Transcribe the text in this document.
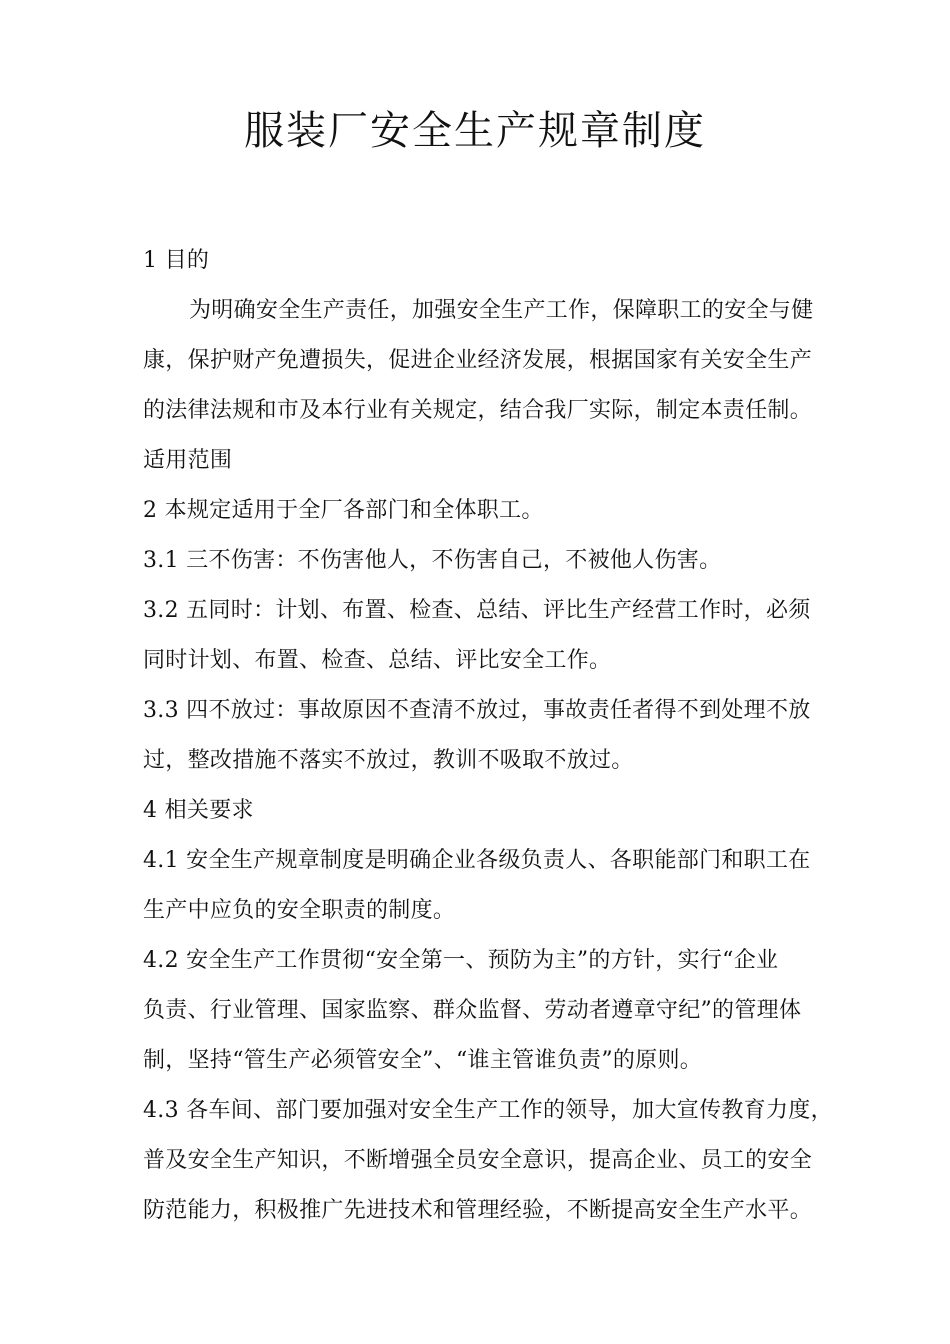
服装厂安全生产规章制度
1 目的
为明确安全生产责任，加强安全生产工作，保障职工的安全与健
康，保护财产免遭损失，促进企业经济发展，根据国家有关安全生产
的法律法规和市及本行业有关规定，结合我厂实际，制定本责任制。
适用范围
2 本规定适用于全厂各部门和全体职工。
3.1 三不伤害：不伤害他人，不伤害自己，不被他人伤害。
3.2 五同时：计划、布置、检查、总结、评比生产经营工作时，必须
同时计划、布置、检查、总结、评比安全工作。
3.3 四不放过：事故原因不查清不放过，事故责任者得不到处理不放
过，整改措施不落实不放过，教训不吸取不放过。
4 相关要求
4.1 安全生产规章制度是明确企业各级负责人、各职能部门和职工在
生产中应负的安全职责的制度。
4.2 安全生产工作贯彻“安全第一、预防为主”的方针，实行“企业
负责、行业管理、国家监察、群众监督、劳动者遵章守纪”的管理体
制，坚持“管生产必须管安全”、“谁主管谁负责”的原则。
4.3 各车间、部门要加强对安全生产工作的领导，加大宣传教育力度，
普及安全生产知识，不断增强全员安全意识，提高企业、员工的安全
防范能力，积极推广先进技术和管理经验，不断提高安全生产水平。
